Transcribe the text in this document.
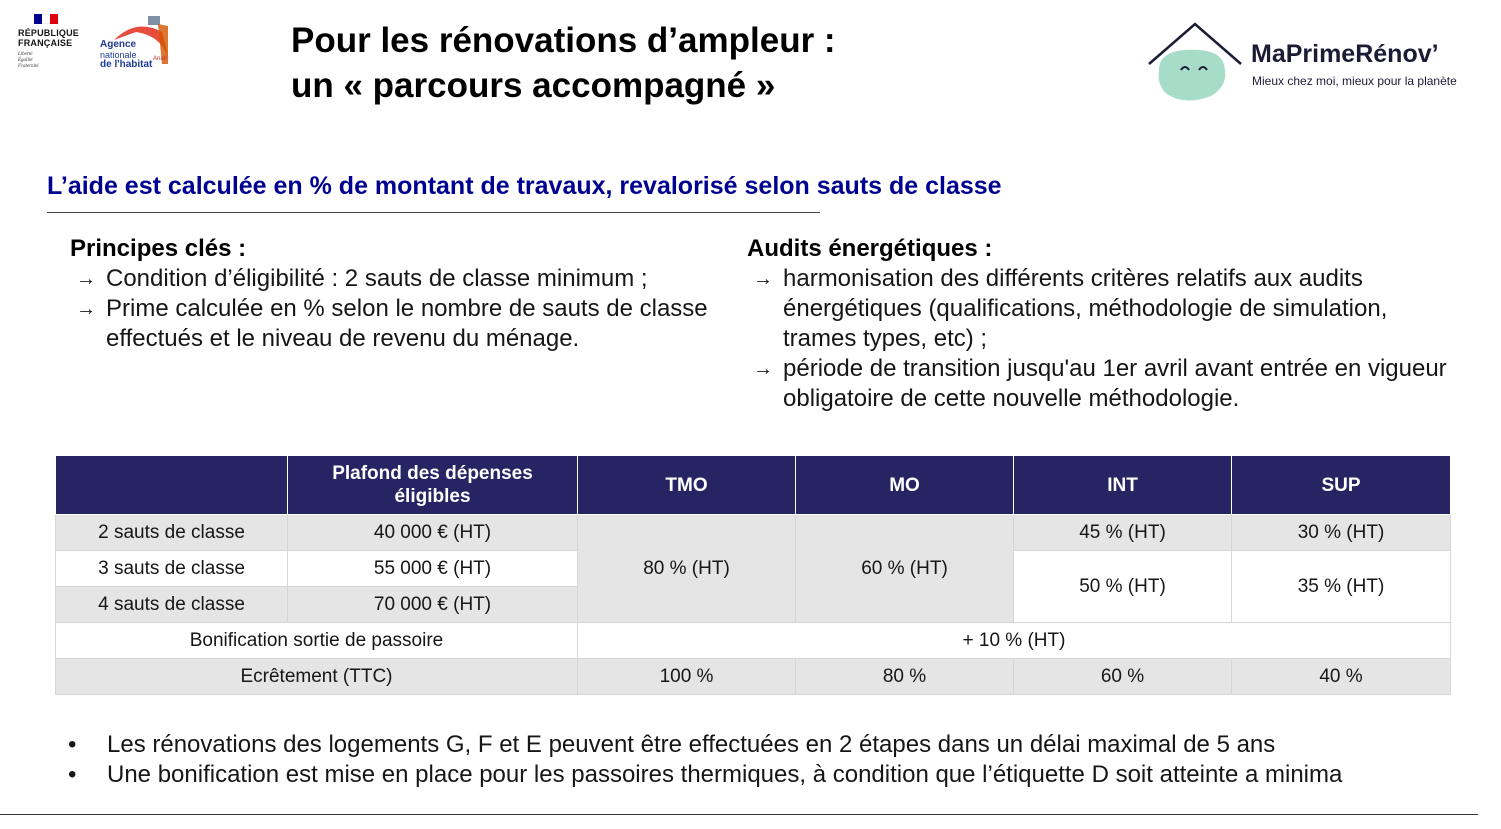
RÉPUBLIQUE
FRANÇAISE
Liberté
Égalité
Fraternité
Agence
nationale
de l'habitat Anah	Pour les rénovations d’ampleur :
un « parcours accompagné »
MaPrimeRénov’
Mieux chez moi, mieux pour la planète
L’aide est calculée en % de montant de travaux, revalorisé selon sauts de classe
Principes clés :
→ Condition d’éligibilité : 2 sauts de classe minimum ;
→ Prime calculée en % selon le nombre de sauts de classe effectués et le niveau de revenu du ménage.
Audits énergétiques :
→ harmonisation des différents critères relatifs aux audits énergétiques (qualifications, méthodologie de simulation, trames types, etc) ;
→ période de transition jusqu'au 1er avril avant entrée en vigueur obligatoire de cette nouvelle méthodologie.
	Plafond des dépenses éligibles	TMO	MO	INT	SUP
2 sauts de classe	40 000 € (HT)	80 % (HT)	60 % (HT)	45 % (HT)	30 % (HT)
3 sauts de classe	55 000 € (HT)			50 % (HT)	35 % (HT)
4 sauts de classe	70 000 € (HT)				
Bonification sortie de passoire		+ 10 % (HT)			
Ecrêtement (TTC)		100 %	80 %	60 %	40 %
• Les rénovations des logements G, F et E peuvent être effectuées en 2 étapes dans un délai maximal de 5 ans
• Une bonification est mise en place pour les passoires thermiques, à condition que l’étiquette D soit atteinte a minima
